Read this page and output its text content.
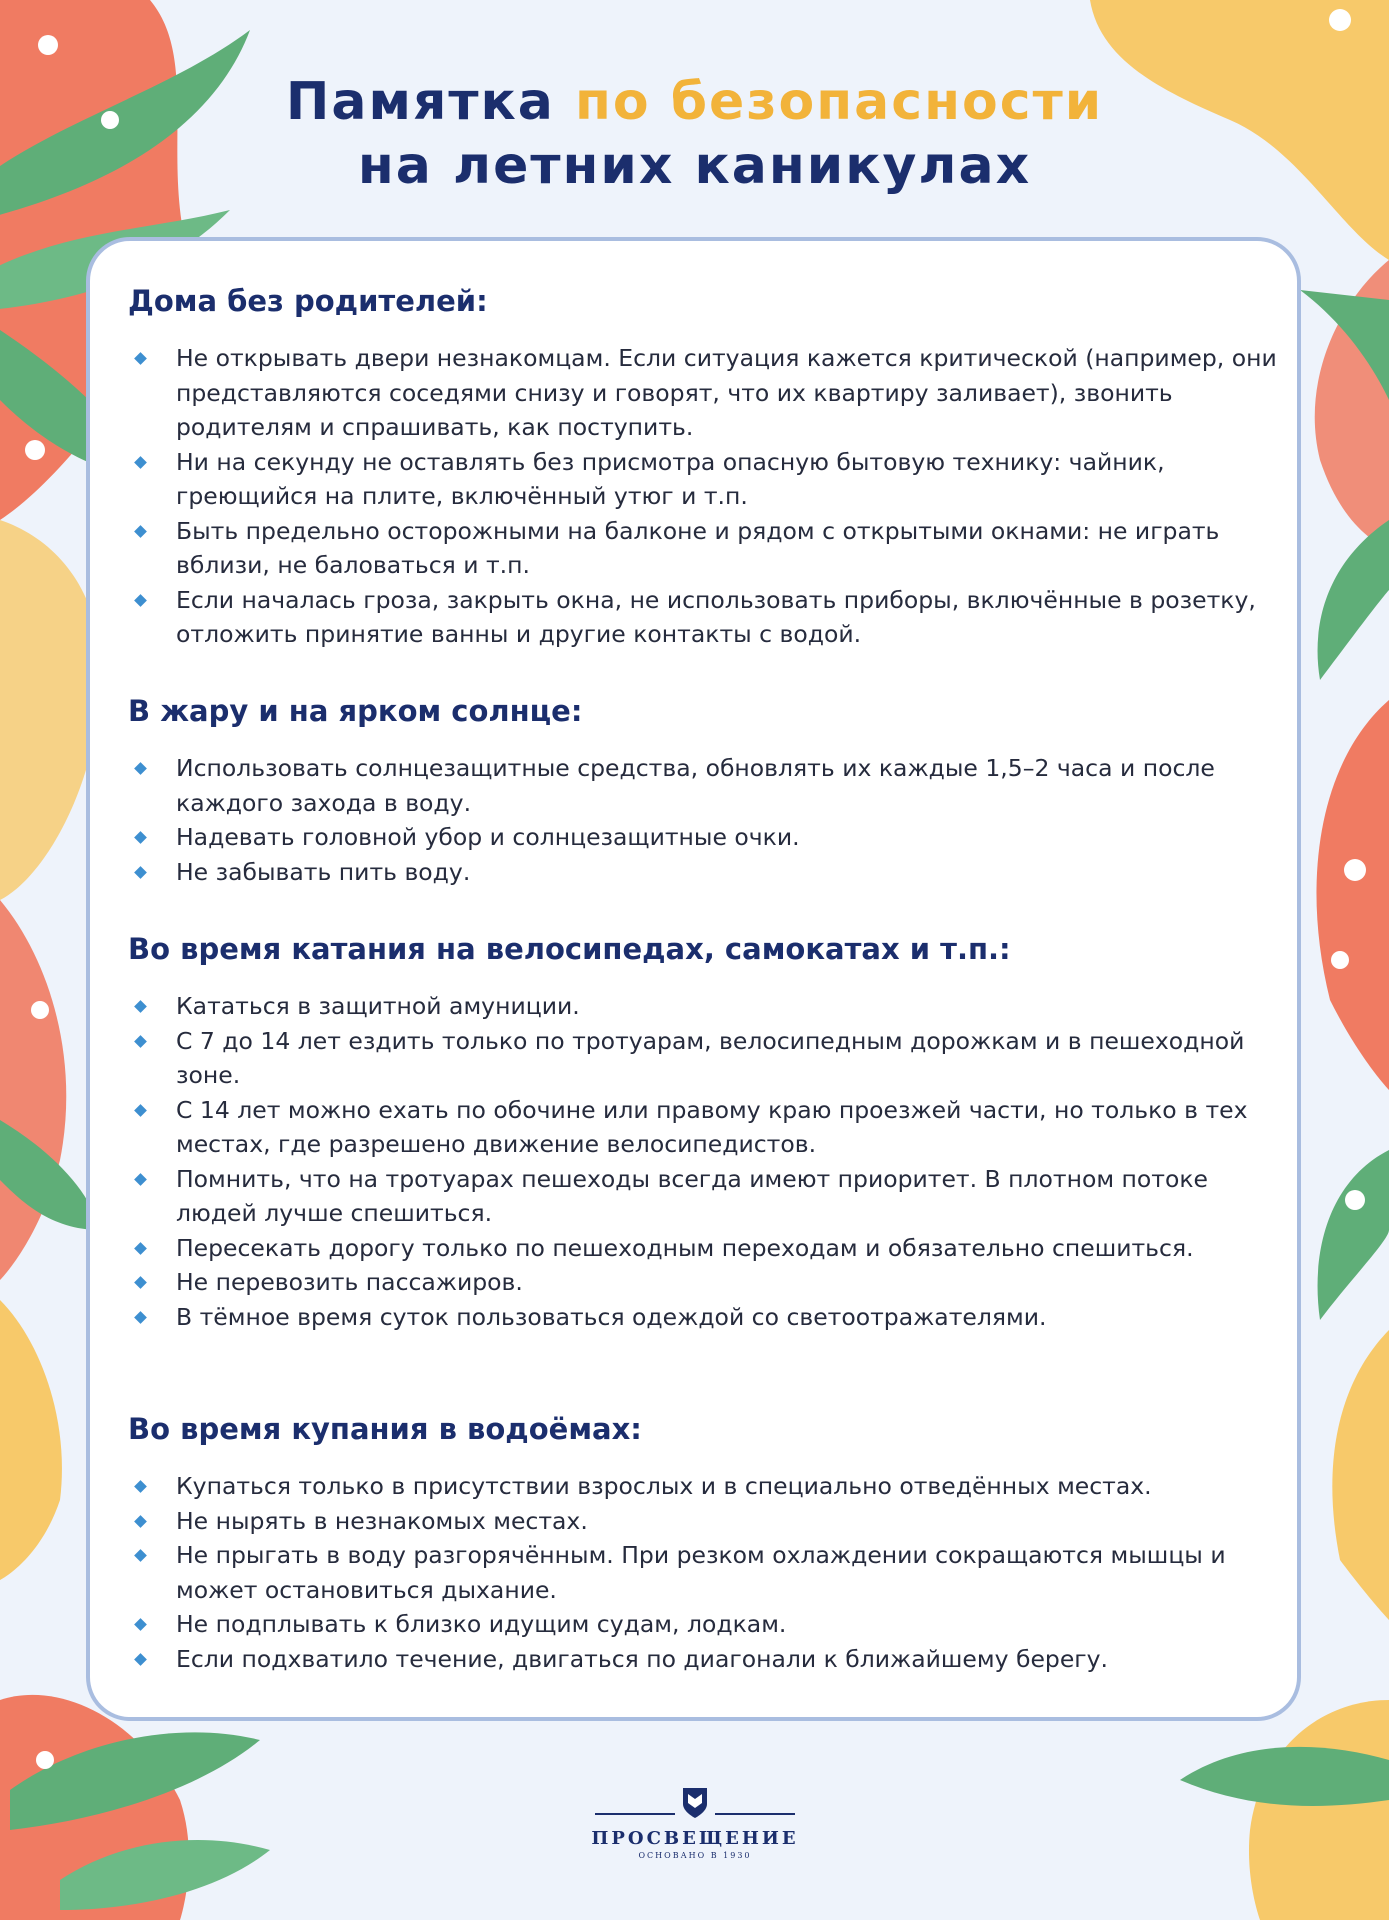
Памятка по безопасности
на летних каникулах
Дома без родителей:
Не открывать двери незнакомцам. Если ситуация кажется критической (например, они представляются соседями снизу и говорят, что их квартиру заливает), звонить родителям и спрашивать, как поступить.
Ни на секунду не оставлять без присмотра опасную бытовую технику: чайник, греющийся на плите, включённый утюг и т.п.
Быть предельно осторожными на балконе и рядом с открытыми окнами: не играть вблизи, не баловаться и т.п.
Если началась гроза, закрыть окна, не использовать приборы, включённые в розетку, отложить принятие ванны и другие контакты с водой.
В жару и на ярком солнце:
Использовать солнцезащитные средства, обновлять их каждые 1,5–2 часа и после каждого захода в воду.
Надевать головной убор и солнцезащитные очки.
Не забывать пить воду.
Во время катания на велосипедах, самокатах и т.п.:
Кататься в защитной амуниции.
С 7 до 14 лет ездить только по тротуарам, велосипедным дорожкам и в пешеходной зоне.
С 14 лет можно ехать по обочине или правому краю проезжей части, но только в тех местах, где разрешено движение велосипедистов.
Помнить, что на тротуарах пешеходы всегда имеют приоритет. В плотном потоке людей лучше спешиться.
Пересекать дорогу только по пешеходным переходам и обязательно спешиться.
Не перевозить пассажиров.
В тёмное время суток пользоваться одеждой со светоотражателями.
Во время купания в водоёмах:
Купаться только в присутствии взрослых и в специально отведённых местах.
Не нырять в незнакомых местах.
Не прыгать в воду разгорячённым. При резком охлаждении сокращаются мышцы и может остановиться дыхание.
Не подплывать к близко идущим судам, лодкам.
Если подхватило течение, двигаться по диагонали к ближайшему берегу.
ПРОСВЕЩЕНИЕ
ОСНОВАНО В 1930
